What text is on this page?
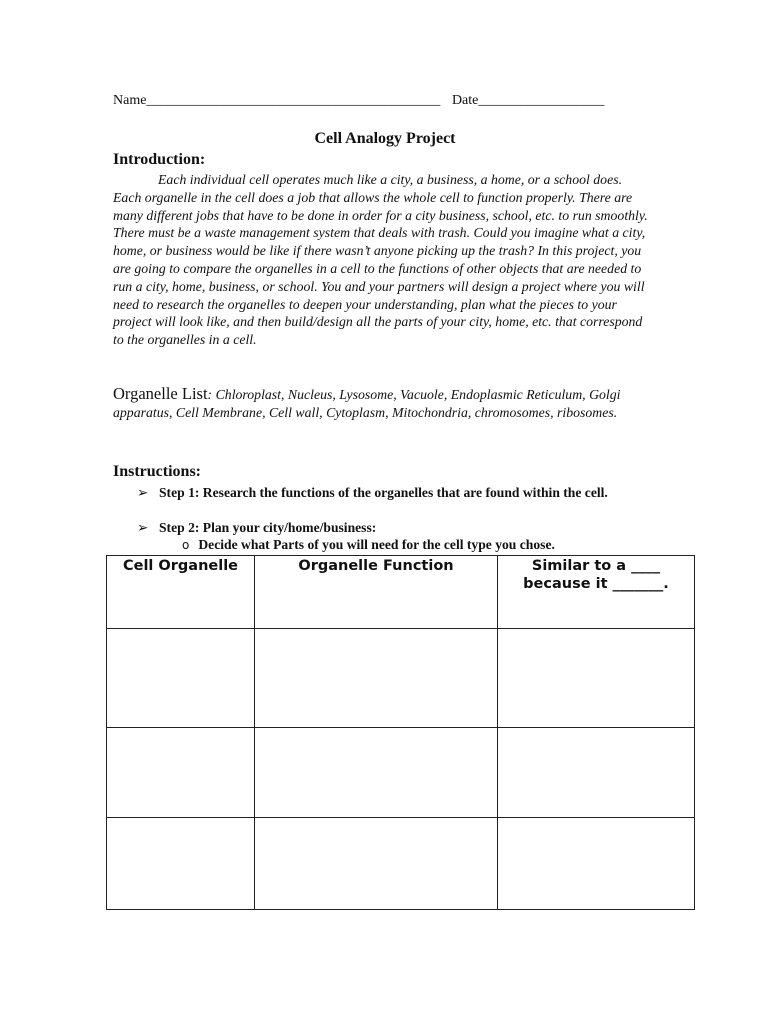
Name__________________________________________ Date__________________
Cell Analogy Project
Introduction:
Each individual cell operates much like a city, a business, a home, or a school does. Each organelle in the cell does a job that allows the whole cell to function properly. There are many different jobs that have to be done in order for a city business, school, etc. to run smoothly. There must be a waste management system that deals with trash. Could you imagine what a city, home, or business would be like if there wasn’t anyone picking up the trash? In this project, you are going to compare the organelles in a cell to the functions of other objects that are needed to run a city, home, business, or school. You and your partners will design a project where you will need to research the organelles to deepen your understanding, plan what the pieces to your project will look like, and then build/design all the parts of your city, home, etc. that correspond to the organelles in a cell.
Organelle List: Chloroplast, Nucleus, Lysosome, Vacuole, Endoplasmic Reticulum, Golgi apparatus, Cell Membrane, Cell wall, Cytoplasm, Mitochondria, chromosomes, ribosomes.
Instructions:
➢ Step 1: Research the functions of the organelles that are found within the cell.
➢ Step 2: Plan your city/home/business:
o Decide what Parts of you will need for the cell type you chose.
Cell Organelle	Organelle Function	Similar to a ____ because it _______.
